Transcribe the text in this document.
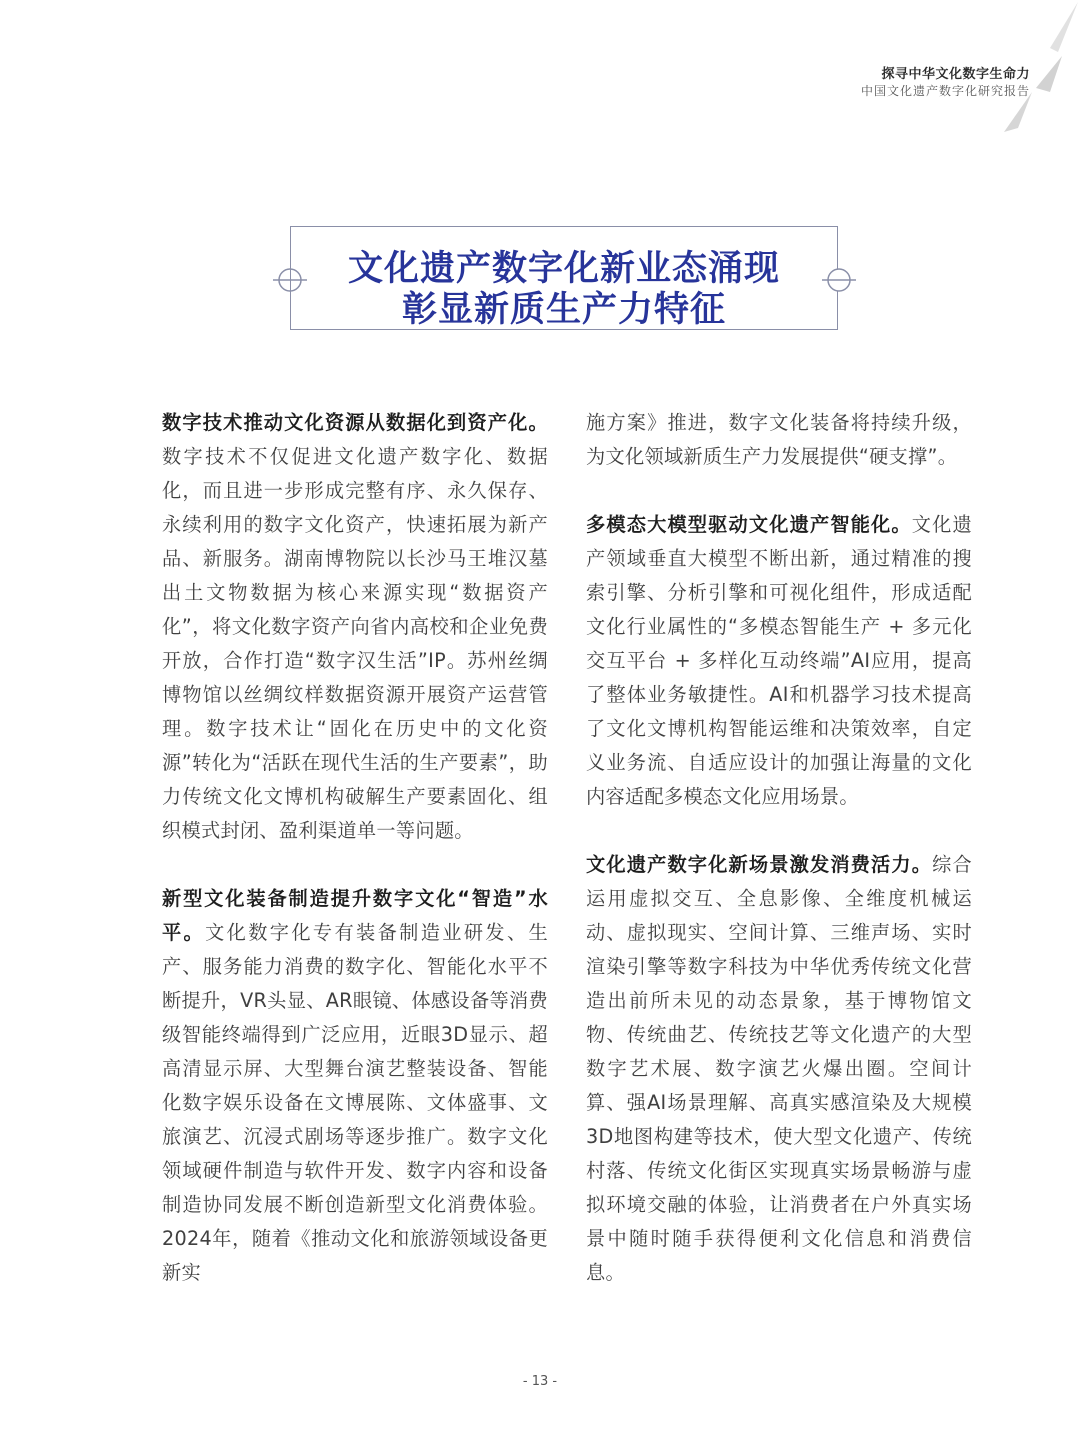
探寻中华文化数字生命力
中国文化遗产数字化研究报告
文化遗产数字化新业态涌现
彰显新质生产力特征

数字技术推动文化资源从数据化到资产化。数字技术不仅促进文化遗产数字化、数据化，而且进一步形成完整有序、永久保存、永续利用的数字文化资产，快速拓展为新产品、新服务。湖南博物院以长沙马王堆汉墓出土文物数据为核心来源实现“数据资产化”，将文化数字资产向省内高校和企业免费开放，合作打造“数字汉生活”IP。苏州丝绸博物馆以丝绸纹样数据资源开展资产运营管理。数字技术让“固化在历史中的文化资源”转化为“活跃在现代生活的生产要素”，助力传统文化文博机构破解生产要素固化、组织模式封闭、盈利渠道单一等问题。

新型文化装备制造提升数字文化“智造”水平。文化数字化专有装备制造业研发、生产、服务能力消费的数字化、智能化水平不断提升，VR头显、AR眼镜、体感设备等消费级智能终端得到广泛应用，近眼3D显示、超高清显示屏、大型舞台演艺整装设备、智能化数字娱乐设备在文博展陈、文体盛事、文旅演艺、沉浸式剧场等逐步推广。数字文化领域硬件制造与软件开发、数字内容和设备制造协同发展不断创造新型文化消费体验。2024年，随着《推动文化和旅游领域设备更新实

施方案》推进，数字文化装备将持续升级，为文化领域新质生产力发展提供“硬支撑”。

多模态大模型驱动文化遗产智能化。文化遗产领域垂直大模型不断出新，通过精准的搜索引擎、分析引擎和可视化组件，形成适配文化行业属性的“多模态智能生产 + 多元化交互平台 + 多样化互动终端”AI应用，提高了整体业务敏捷性。AI和机器学习技术提高了文化文博机构智能运维和决策效率，自定义业务流、自适应设计的加强让海量的文化内容适配多模态文化应用场景。

文化遗产数字化新场景激发消费活力。综合运用虚拟交互、全息影像、全维度机械运动、虚拟现实、空间计算、三维声场、实时渲染引擎等数字科技为中华优秀传统文化营造出前所未见的动态景象，基于博物馆文物、传统曲艺、传统技艺等文化遗产的大型数字艺术展、数字演艺火爆出圈。空间计算、强AI场景理解、高真实感渲染及大规模3D地图构建等技术，使大型文化遗产、传统村落、传统文化街区实现真实场景畅游与虚拟环境交融的体验，让消费者在户外真实场景中随时随手获得便利文化信息和消费信息。

- 13 -
